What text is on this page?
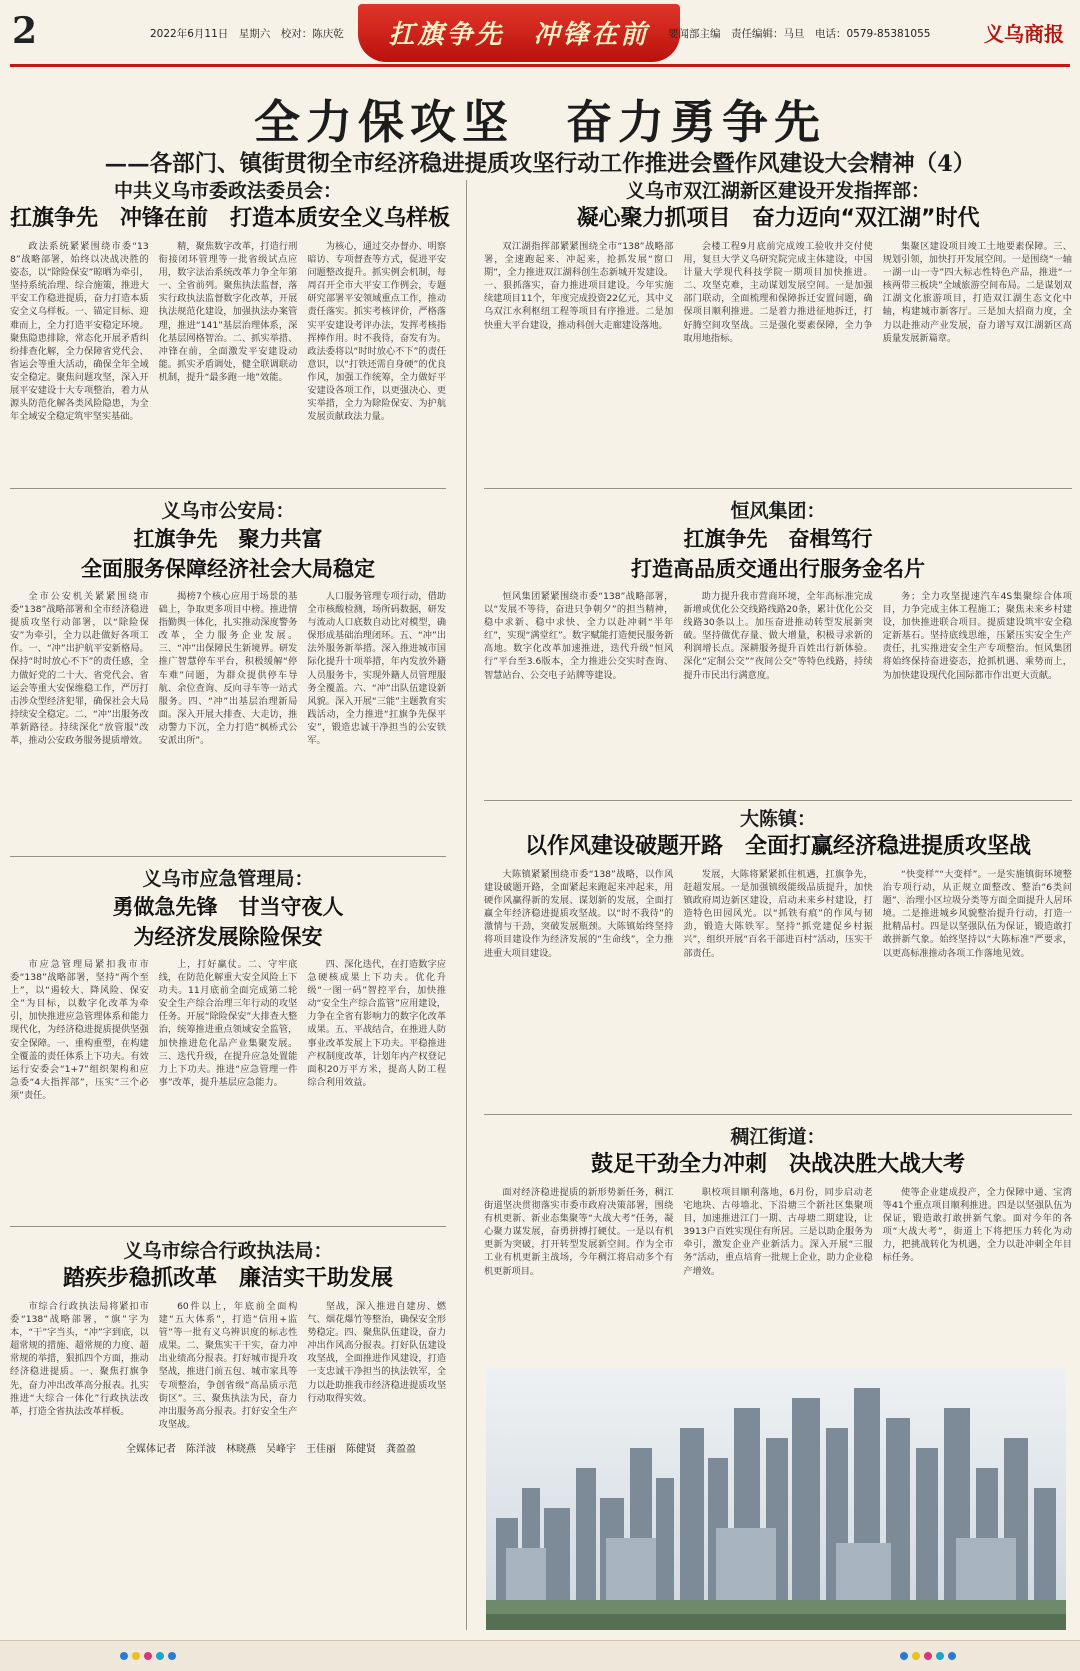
2	2022年6月11日　星期六　校对：陈庆乾	扛旗争先　冲锋在前	要闻部主编　责任编辑：马旦　电话：0579-85381055	义乌商报
全力保攻坚　奋力勇争先
——各部门、镇街贯彻全市经济稳进提质攻坚行动工作推进会暨作风建设大会精神（4）
中共义乌市委政法委员会：
扛旗争先　冲锋在前　打造本质安全义乌样板

政法系统紧紧围绕市委“138”战略部署，始终以决战决胜的姿态，以“除险保安”晾晒为牵引，坚持系统治理、综合施策，推进大平安工作稳进提质，奋力打造本质安全义乌样板。一、锚定目标、迎难而上，全力打造平安稳定环境。聚焦隐患排除，常态化开展矛盾纠纷排查化解，全力保障省党代会、省运会等重大活动，确保全年全域安全稳定。聚焦问题攻坚，深入开展平安建设十大专项整治，着力从源头防范化解各类风险隐患，为全年全域安全稳定筑牢坚实基础。

精，聚焦数字改革，打造行刑衔接闭环管理等一批省级试点应用，数字法治系统改革力争全年第一、全省前列。聚焦执法监督，落实行政执法监督数字化改革，开展执法规范化建设，加强执法办案管理，推进“141”基层治理体系，深化基层网格智治。二、抓实举措、冲锋在前，全面激发平安建设动能。抓实矛盾调处，健全联调联动机制，提升“最多跑一地”效能。

为核心，通过交办督办、明察暗访、专项督查等方式，促进平安问题整改提升。抓实例会机制，每周召开全市大平安工作例会，专题研究部署平安领域重点工作，推动责任落实。抓实考核评价，严格落实平安建设考评办法，发挥考核指挥棒作用。时不我待，奋发有为。政法委将以“时时放心不下”的责任意识，以“打铁还需自身硬”的优良作风，加强工作统筹，全力做好平安建设各项工作，以更强决心、更实举措，全力为除险保安、为护航发展贡献政法力量。

义乌市双江湖新区建设开发指挥部：
凝心聚力抓项目　奋力迈向“双江湖”时代

双江湖指挥部紧紧围绕全市“138”战略部署，全速跑起来、冲起来，抢抓发展“窗口期”，全力推进双江湖科创生态新城开发建设。一、狠抓落实，奋力推进项目建设。今年实施续建项目11个，年度完成投资22亿元，其中义乌双江水利枢纽工程等项目有序推进。二是加快重大平台建设，推动科创大走廊建设落地。

会楼工程9月底前完成竣工验收并交付使用，复旦大学义乌研究院完成主体建设，中国计量大学现代科技学院一期项目加快推进。二、攻坚克难，主动谋划发展空间。一是加强部门联动，全面梳理和保障拆迁安置问题，确保项目顺利推进。二是着力推进征地拆迁，打好腾空间攻坚战。三是强化要素保障，全力争取用地指标。

集聚区建设项目竣工土地要素保障。三、规划引领，加快打开发展空间。一是围绕“一轴一湖一山一寺”四大标志性特色产品，推进“一核两带三板块”全域旅游空间布局。二是谋划双江湖文化旅游项目，打造双江湖生态文化中轴，构建城市新客厅。三是加大招商力度，全力以赴推动产业发展，奋力谱写双江湖新区高质量发展新篇章。

义乌市公安局：
扛旗争先　聚力共富
全面服务保障经济社会大局稳定

全市公安机关紧紧围绕市委“138”战略部署和全市经济稳进提质攻坚行动部署，以“除险保安”为牵引，全力以赴做好各项工作。一、“冲”出护航平安新格局。保持“时时放心不下”的责任感，全力做好党的二十大、省党代会、省运会等重大安保维稳工作，严厉打击涉众型经济犯罪，确保社会大局持续安全稳定。二、“冲”出服务改革新路径。持续深化“放管服”改革，推动公安政务服务提质增效。

揭榜7个核心应用于场景的基础上，争取更多项目中榜。推进情指勤舆一体化，扎实推动深度警务改革，全力服务企业发展。三、“冲”出保障民生新境界。研发推广智慧停车平台，积极缓解“停车难”问题，为群众提供停车导航、余位查询、反向寻车等一站式服务。四、“冲”出基层治理新局面。深入开展大排查、大走访，推动警力下沉，全力打造“枫桥式公安派出所”。

人口服务管理专项行动，借助全市核酸检测，场所码数据，研发与流动人口底数自动比对模型，确保形成基础治理闭环。五、“冲”出法外服务新举措。深入推进城市国际化提升十项举措，年内发放外籍人员服务卡，实现外籍人员管理服务全覆盖。六、“冲”出队伍建设新风貌。深入开展“三能”主题教育实践活动，全力推进“扛旗争先保平安”，锻造忠诚干净担当的公安铁军。

恒风集团：
扛旗争先　奋楫笃行
打造高品质交通出行服务金名片

恒风集团紧紧围绕市委“138”战略部署，以“发展不等待，奋进只争朝夕”的担当精神，稳中求新、稳中求快、全力以赴冲刺“半年红”，实现“满堂红”。数字赋能打造便民服务新高地。数字化改革加速推进，迭代升级“恒风行”平台至3.6版本，全力推进公交实时查询、智慧站台、公交电子站牌等建设。

助力提升我市营商环境，全年高标准完成新增或优化公交线路线路20条，累计优化公交线路30条以上。加压奋进推动转型发展新突破。坚持做优存量、做大增量，积极寻求新的利润增长点。深耕服务提升百姓出行新体验。深化“定制公交”“夜间公交”等特色线路，持续提升市民出行满意度。

务；全力攻坚提速汽车4S集聚综合体项目，力争完成主体工程施工；聚焦未来乡村建设，加快推进联合项目。提质建设筑牢安全稳定新基石。坚持底线思维，压紧压实安全生产责任，扎实推进安全生产专项整治。恒风集团将始终保持奋进姿态，抢抓机遇、乘势而上，为加快建设现代化国际都市作出更大贡献。

大陈镇：
以作风建设破题开路　全面打赢经济稳进提质攻坚战

大陈镇紧紧围绕市委“138”战略，以作风建设破题开路，全面紧起来跑起来冲起来，用硬作风赢得新的发展、谋划新的发展，全面打赢全年经济稳进提质攻坚战。以“时不我待”的激情与干劲，突破发展瓶颈。大陈镇始终坚持将项目建设作为经济发展的“生命线”，全力推进重大项目建设。

发展，大陈将紧紧抓住机遇，扛旗争先，赶超发展。一是加强镇级能级品质提升，加快镇政府周边新区建设，启动未来乡村建设，打造特色田园风光。以“抓铁有痕”的作风与韧劲，锻造大陈铁军。坚持“抓党建促乡村振兴”，组织开展“百名干部进百村”活动，压实干部责任。

“快变样”“大变样”。一是实施镇街环境整治专项行动，从正规立面整改、整治“6类问题”、治理小区垃圾分类等方面全面提升人居环境。二是推进城乡风貌整治提升行动，打造一批精品村。四是以坚强队伍为保证，锻造敢打敢拼新气象。始终坚持以“大陈标准”严要求，以更高标准推动各项工作落地见效。

义乌市应急管理局：
勇做急先锋　甘当守夜人
为经济发展除险保安

市应急管理局紧扣我市市委“138”战略部署，坚持“两个至上”，以“遏较大、降风险、保安全”为目标，以数字化改革为牵引，加快推进应急管理体系和能力现代化，为经济稳进提质提供坚强安全保障。一、重构重塑，在构建全覆盖的责任体系上下功夫。有效运行安委会“1+7”组织架构和应急委“4大指挥部”，压实“三个必须”责任。

上，打好赢仗。二、守牢底线，在防范化解重大安全风险上下功夫。11月底前全面完成第二轮安全生产综合治理三年行动的攻坚任务。开展“除险保安”大排查大整治，统筹推进重点领域安全监管，加快推进危化品产业集聚发展。三、迭代升级，在提升应急处置能力上下功夫。推进“应急管理一件事”改革，提升基层应急能力。

四、深化迭代，在打造数字应急硬核成果上下功夫。优化升级“一图一码”智控平台，加快推动“安全生产综合监管”应用建设，力争在全省有影响力的数字化改革成果。五、平战结合，在推进人防事业改革发展上下功夫。平稳推进产权制度改革，计划年内产权登记面积20万平方米，提高人防工程综合利用效益。

义乌市综合行政执法局：
踏疾步稳抓改革　廉洁实干助发展

市综合行政执法局将紧扣市委“138”战略部署，“旗”字为本，“干”字当头，“冲”字到底，以超常规的措施、超常规的力度、超常规的举措，狠抓四个方面，推动经济稳进提质。一、聚焦打旗争先，奋力冲出改革高分报表。扎实推进“大综合一体化”行政执法改革，打造全省执法改革样板。

60件以上，年底前全面构建“五大体系”，打造“信用+监管”等一批有义乌辨识度的标志性成果。二、聚焦实干干实，奋力冲出业绩高分报表。打好城市提升攻坚战，推进门前五包、城市家具等专项整治，争创省级“高品质示范街区”。三、聚焦执法为民，奋力冲出服务高分报表。打好安全生产攻坚战。

坚战，深入推进自建房、燃气、烟花爆竹等整治，确保安全形势稳定。四、聚焦队伍建设，奋力冲出作风高分报表。打好队伍建设攻坚战，全面推进作风建设，打造一支忠诚干净担当的执法铁军，全力以赴助推我市经济稳进提质攻坚行动取得实效。

稠江街道：
鼓足干劲全力冲刺　决战决胜大战大考

面对经济稳进提质的新形势新任务，稠江街道坚决贯彻落实市委市政府决策部署，围绕有机更新、新业态集聚等“大战大考”任务，凝心聚力谋发展，奋勇拼搏打硬仗。一是以有机更新为突破，打开转型发展新空间。作为全市工业有机更新主战场，今年稠江将启动多个有机更新项目。

职校项目顺利落地，6月份，同步启动老宅地块、古母墙北、下沿塘三个新社区集聚项目，加速推进江门一期、古母塘二期建设，让3913户百姓实现住有所居。三是以助企服务为牵引，激发企业产业新活力。深入开展“三服务”活动，重点培育一批规上企业，助力企业稳产增效。

使等企业建成投产，全力保障中通、宝湾等41个重点项目顺利推进。四是以坚强队伍为保证，锻造敢打敢拼新气象。面对今年的各项“大战大考”，街道上下将把压力转化为动力，把挑战转化为机遇，全力以赴冲刺全年目标任务。

全媒体记者　陈洋波　林晓燕　吴峰宇　王佳丽　陈健贤　龚盈盈
